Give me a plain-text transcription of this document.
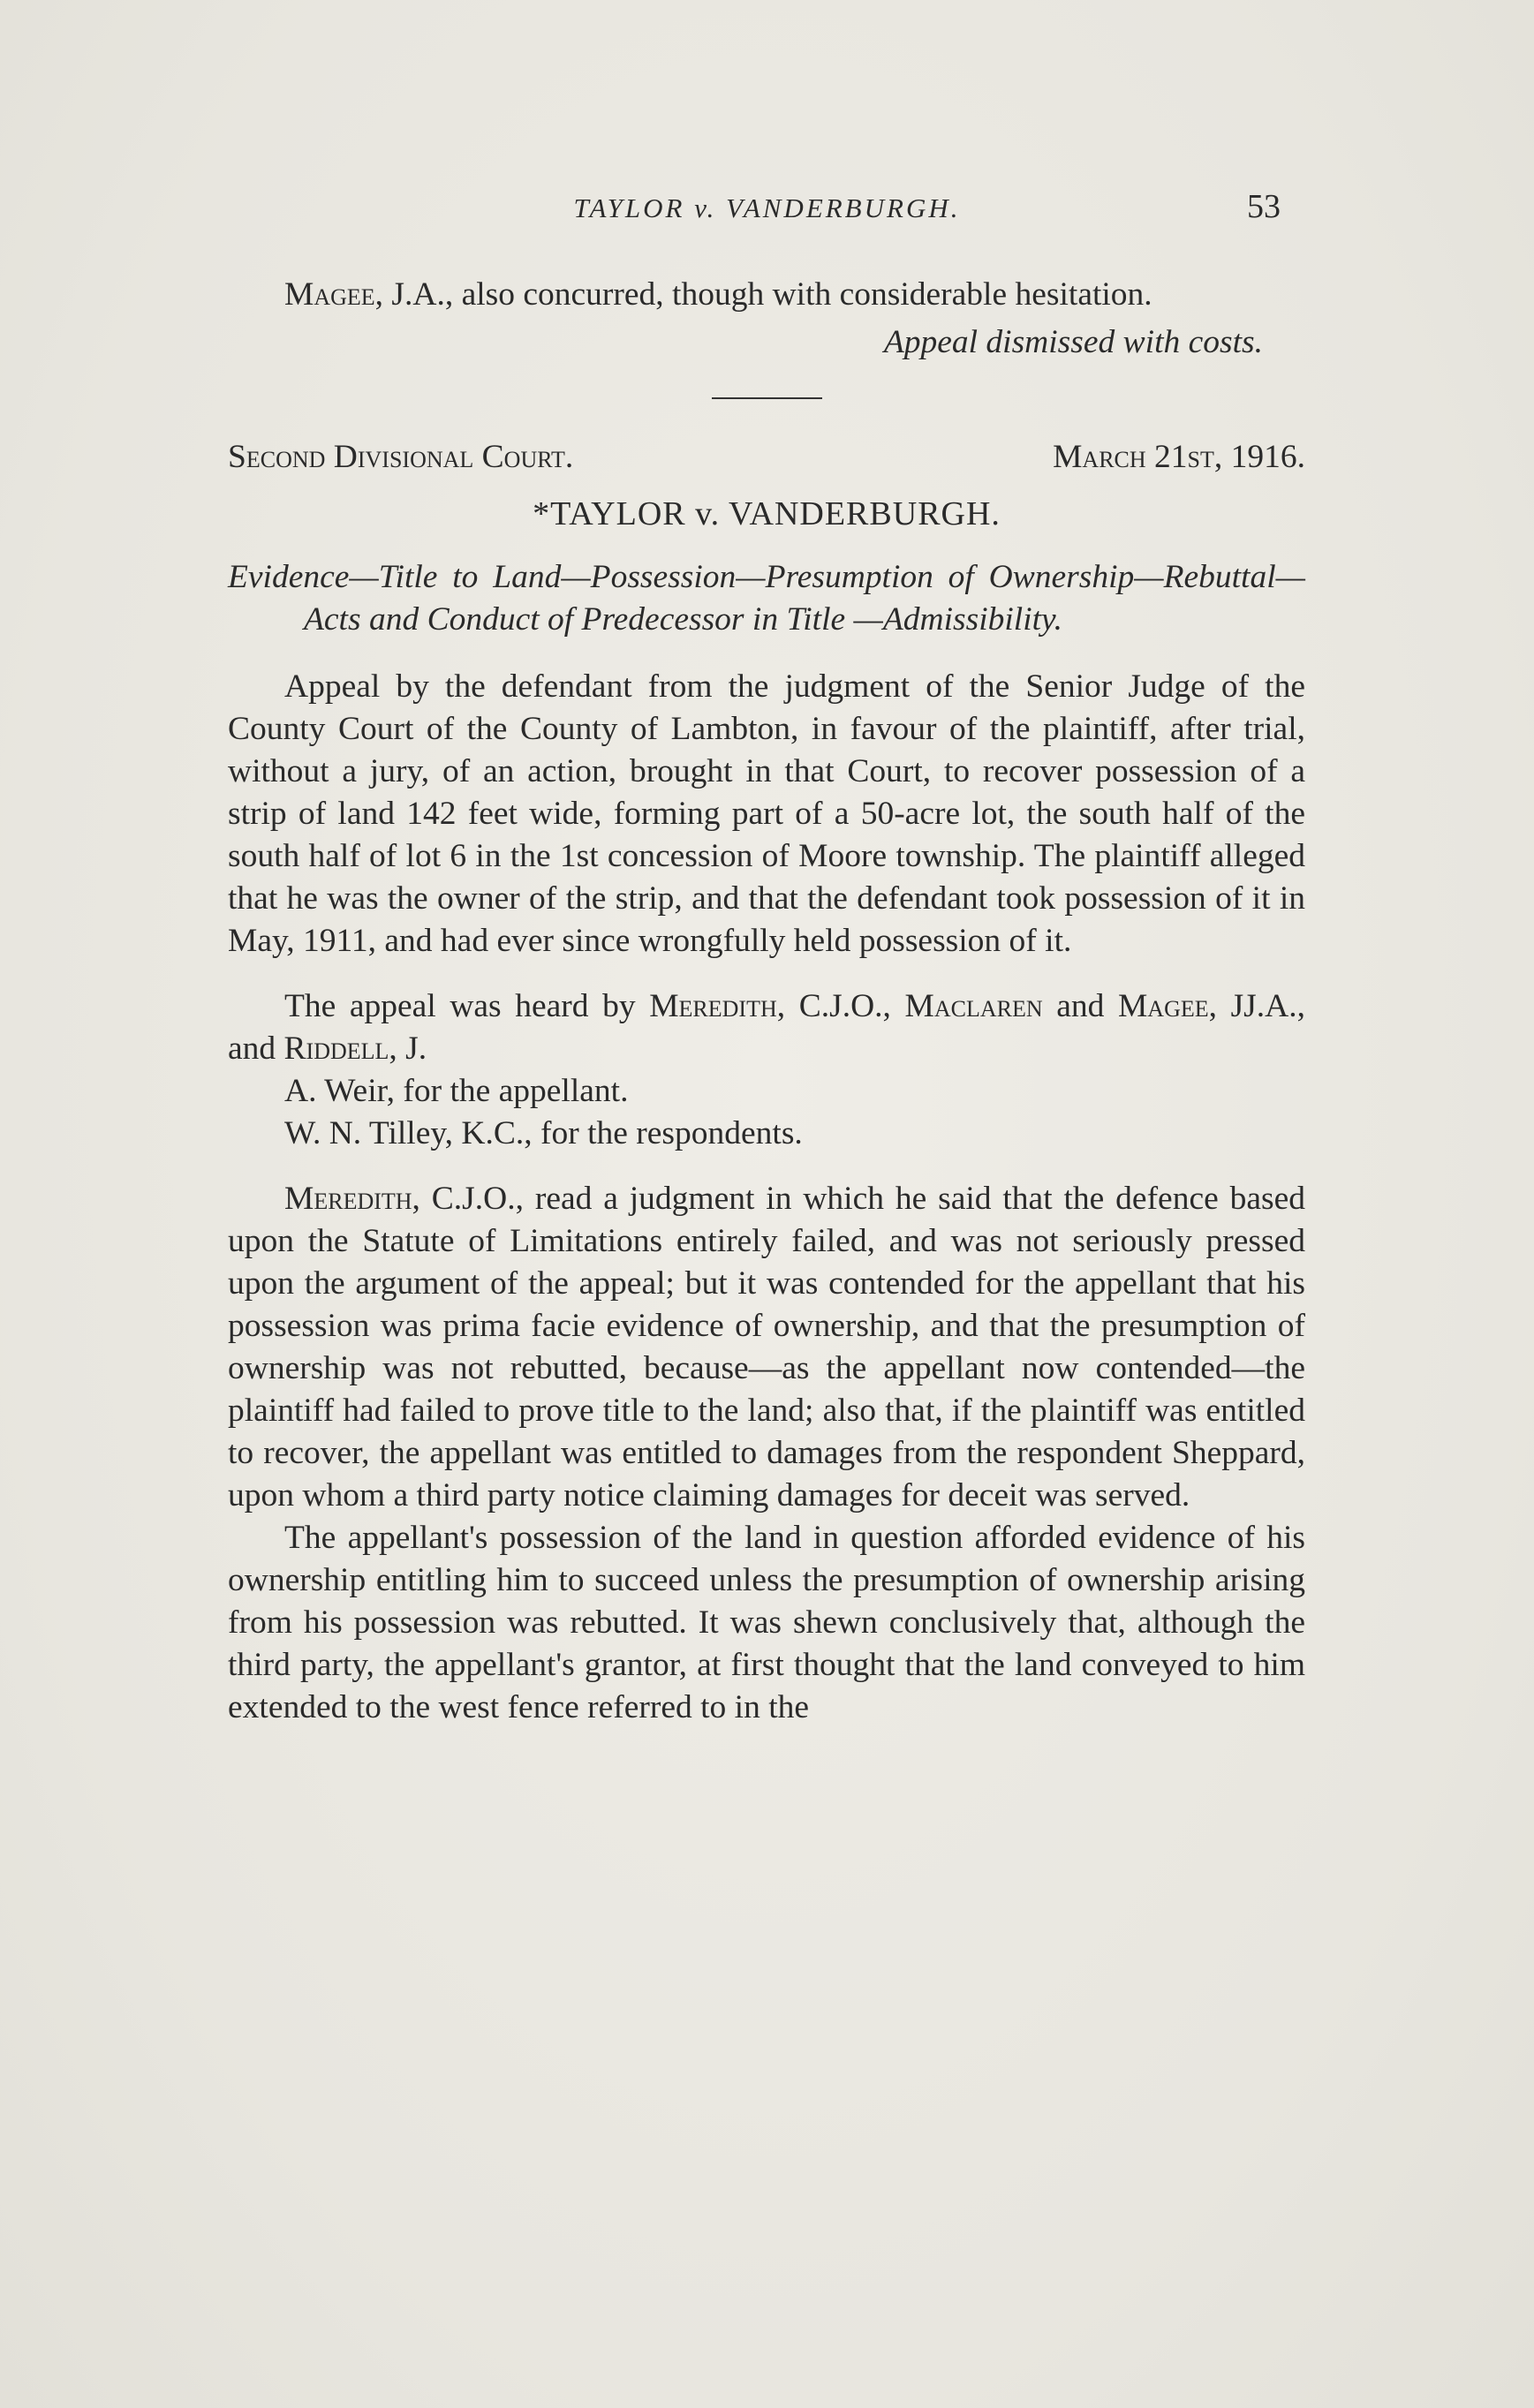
TAYLOR v. VANDERBURGH.	53

Magee, J.A., also concurred, though with considerable hesitation.

Appeal dismissed with costs.

Second Divisional Court.	March 21st, 1916.
*TAYLOR v. VANDERBURGH.

Evidence—Title to Land—Possession—Presumption of Ownership—Rebuttal—Acts and Conduct of Predecessor in Title —Admissibility.

Appeal by the defendant from the judgment of the Senior Judge of the County Court of the County of Lambton, in favour of the plaintiff, after trial, without a jury, of an action, brought in that Court, to recover possession of a strip of land 142 feet wide, forming part of a 50-acre lot, the south half of the south half of lot 6 in the 1st concession of Moore township. The plaintiff alleged that he was the owner of the strip, and that the defendant took possession of it in May, 1911, and had ever since wrongfully held possession of it.

The appeal was heard by Meredith, C.J.O., Maclaren and Magee, JJ.A., and Riddell, J.

A. Weir, for the appellant.

W. N. Tilley, K.C., for the respondents.

Meredith, C.J.O., read a judgment in which he said that the defence based upon the Statute of Limitations entirely failed, and was not seriously pressed upon the argument of the appeal; but it was contended for the appellant that his possession was prima facie evidence of ownership, and that the presumption of ownership was not rebutted, because—as the appellant now contended—the plaintiff had failed to prove title to the land; also that, if the plaintiff was entitled to recover, the appellant was entitled to damages from the respondent Sheppard, upon whom a third party notice claiming damages for deceit was served.

The appellant's possession of the land in question afforded evidence of his ownership entitling him to succeed unless the presumption of ownership arising from his possession was rebutted. It was shewn conclusively that, although the third party, the appellant's grantor, at first thought that the land conveyed to him extended to the west fence referred to in the
